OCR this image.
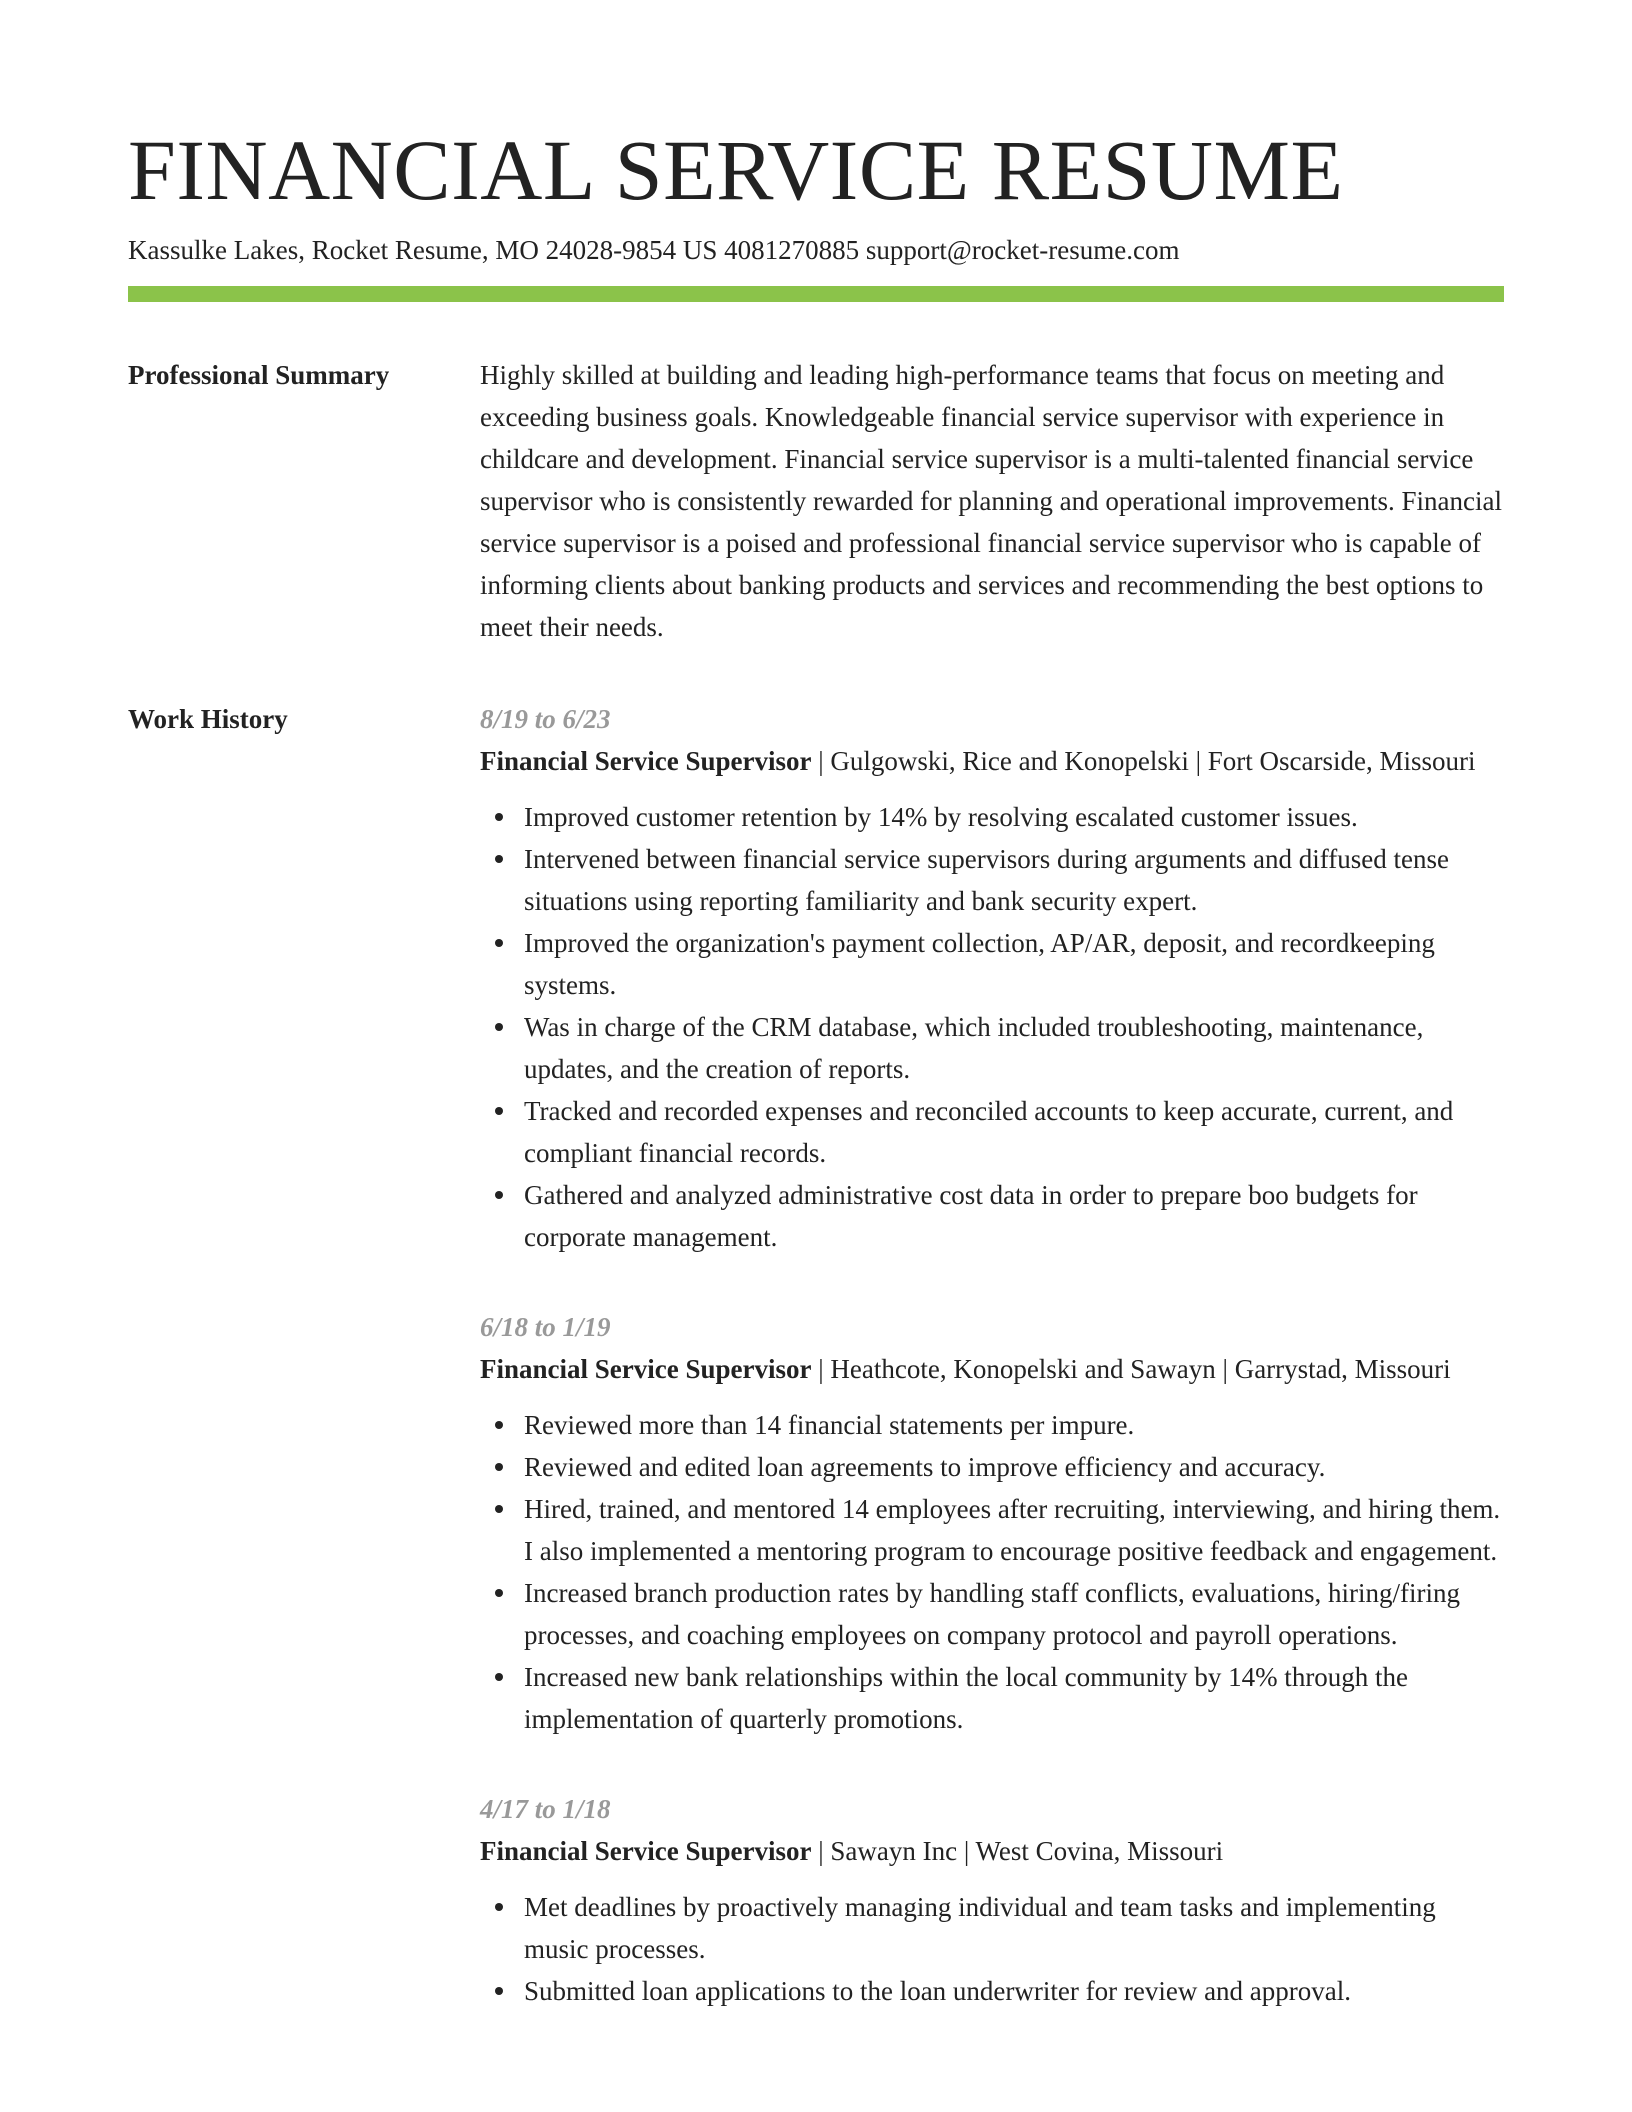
FINANCIAL SERVICE RESUME
Kassulke Lakes, Rocket Resume, MO 24028-9854 US 4081270885 support@rocket-resume.com
Professional Summary	Highly skilled at building and leading high-performance teams that focus on meeting and exceeding business goals. Knowledgeable financial service supervisor with experience in childcare and development. Financial service supervisor is a multi-talented financial service supervisor who is consistently rewarded for planning and operational improvements. Financial service supervisor is a poised and professional financial service supervisor who is capable of informing clients about banking products and services and recommending the best options to meet their needs.

Work History	8/19 to 6/23

Financial Service Supervisor | Gulgowski, Rice and Konopelski | Fort Oscarside, Missouri

Improved customer retention by 14% by resolving escalated customer issues.
Intervened between financial service supervisors during arguments and diffused tense situations using reporting familiarity and bank security expert.
Improved the organization's payment collection, AP/AR, deposit, and recordkeeping systems.
Was in charge of the CRM database, which included troubleshooting, maintenance, updates, and the creation of reports.
Tracked and recorded expenses and reconciled accounts to keep accurate, current, and compliant financial records.
Gathered and analyzed administrative cost data in order to prepare boo budgets for corporate management.
6/18 to 1/19

Financial Service Supervisor | Heathcote, Konopelski and Sawayn | Garrystad, Missouri

Reviewed more than 14 financial statements per impure.
Reviewed and edited loan agreements to improve efficiency and accuracy.
Hired, trained, and mentored 14 employees after recruiting, interviewing, and hiring them. I also implemented a mentoring program to encourage positive feedback and engagement.
Increased branch production rates by handling staff conflicts, evaluations, hiring/firing processes, and coaching employees on company protocol and payroll operations.
Increased new bank relationships within the local community by 14% through the implementation of quarterly promotions.
4/17 to 1/18

Financial Service Supervisor | Sawayn Inc | West Covina, Missouri

Met deadlines by proactively managing individual and team tasks and implementing music processes.
Submitted loan applications to the loan underwriter for review and approval.
